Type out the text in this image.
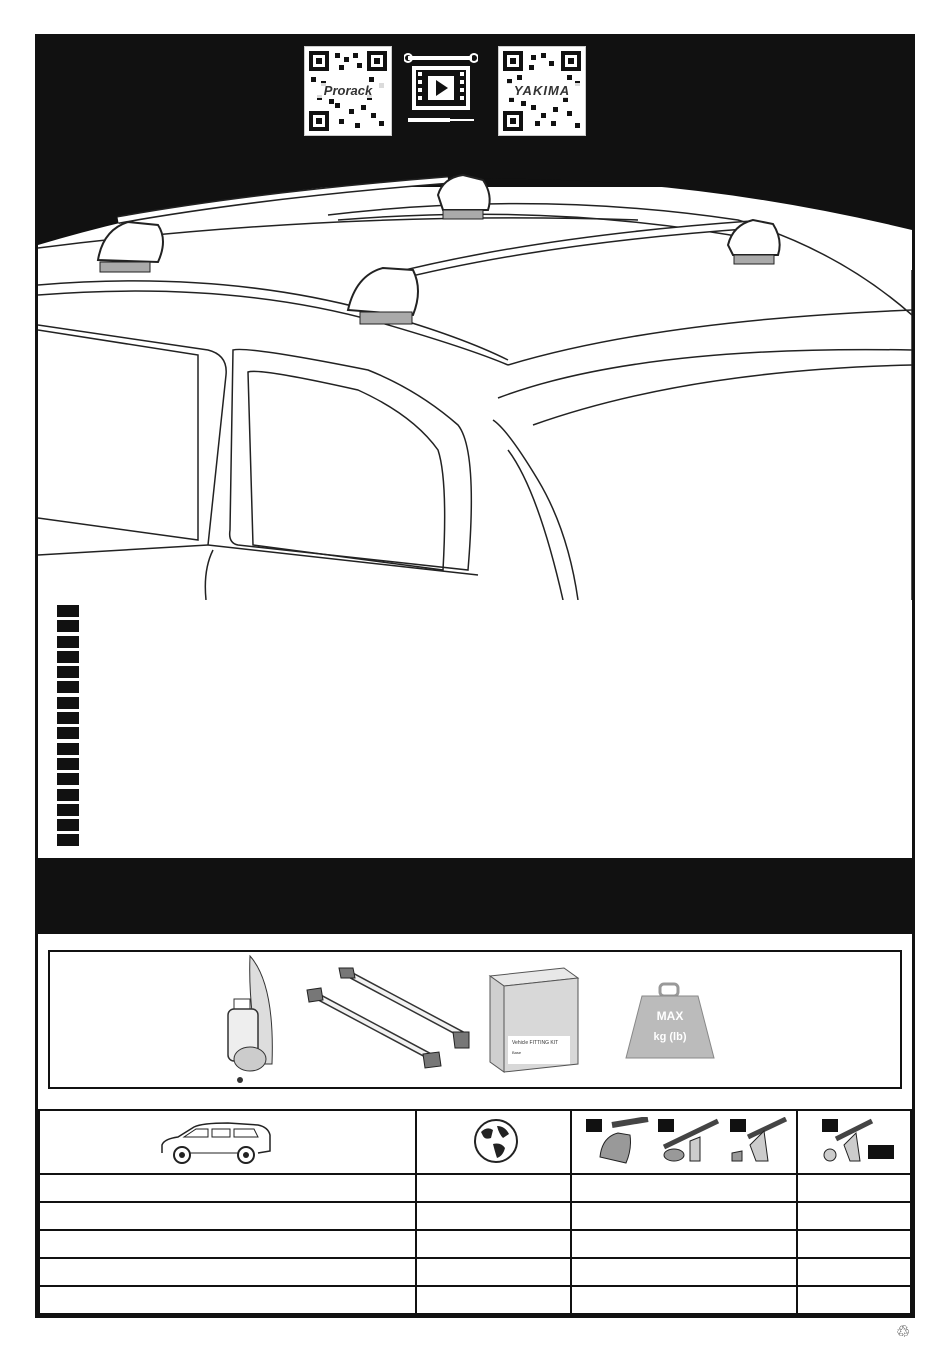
Prorack	YAKIMA
Vehicle FITTING KIT
Base
MAX
kg (lb)

♲
